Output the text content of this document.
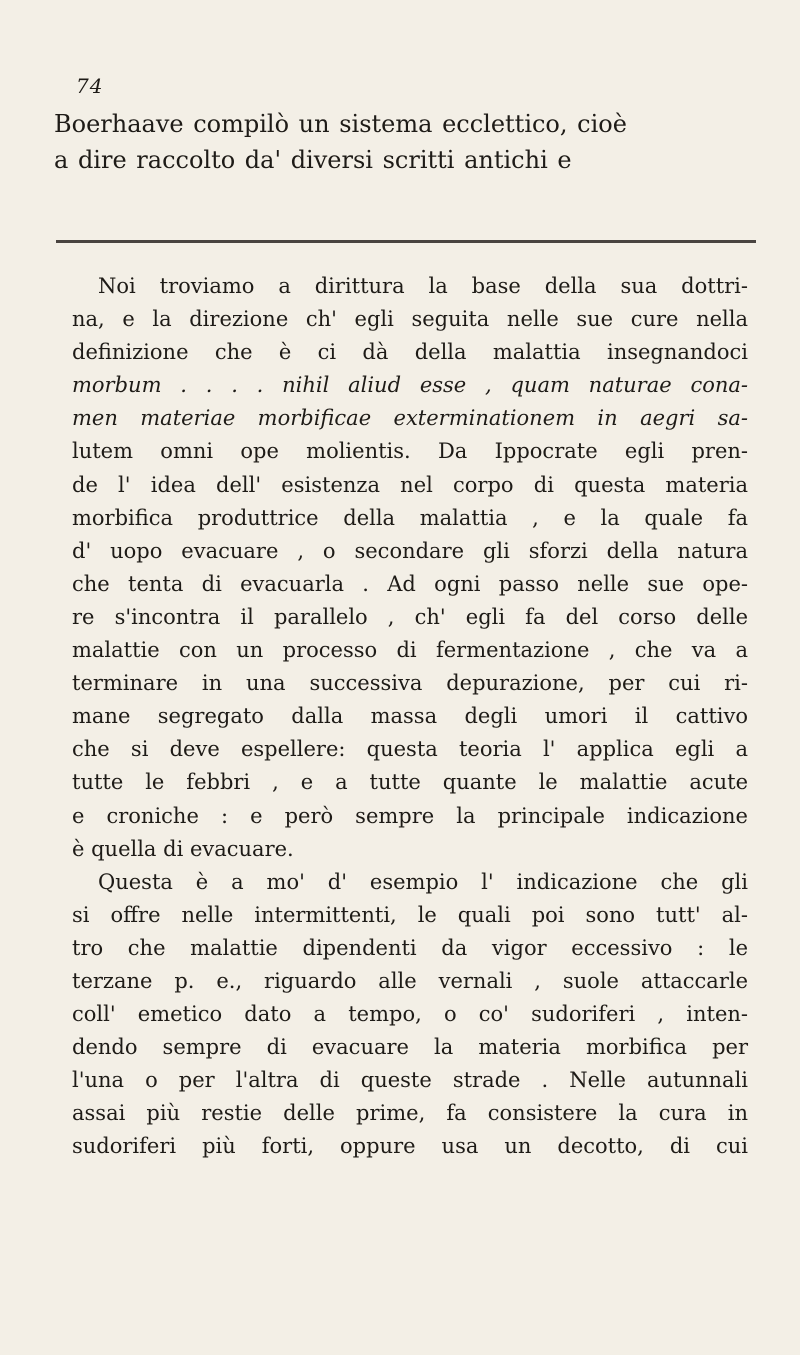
74
Boerhaave compilò un sistema ecclettico, cioè
a dire raccolto da' diversi scritti antichi e
Noi troviamo a dirittura la base della sua dottri-
na, e la direzione ch' egli seguita nelle sue cure nella
definizione che è ci dà della malattia insegnandoci
morbum . . . . nihil aliud esse , quam naturae cona-
men materiae morbificae exterminationem in aegri sa-
lutem omni ope molientis. Da Ippocrate egli pren-
de l' idea dell' esistenza nel corpo di questa materia
morbifica produttrice della malattia , e la quale fa
d' uopo evacuare , o secondare gli sforzi della natura
che tenta di evacuarla . Ad ogni passo nelle sue ope-
re s'incontra il parallelo , ch' egli fa del corso delle
malattie con un processo di fermentazione , che va a
terminare in una successiva depurazione, per cui ri-
mane segregato dalla massa degli umori il cattivo
che si deve espellere: questa teoria l' applica egli a
tutte le febbri , e a tutte quante le malattie acute
e croniche : e però sempre la principale indicazione
è quella di evacuare.
Questa è a mo' d' esempio l' indicazione che gli
si offre nelle intermittenti, le quali poi sono tutt' al-
tro che malattie dipendenti da vigor eccessivo : le
terzane p. e., riguardo alle vernali , suole attaccarle
coll' emetico dato a tempo, o co' sudoriferi , inten-
dendo sempre di evacuare la materia morbifica per
l'una o per l'altra di queste strade . Nelle autunnali
assai più restie delle prime, fa consistere la cura in
sudoriferi più forti, oppure usa un decotto, di cui
